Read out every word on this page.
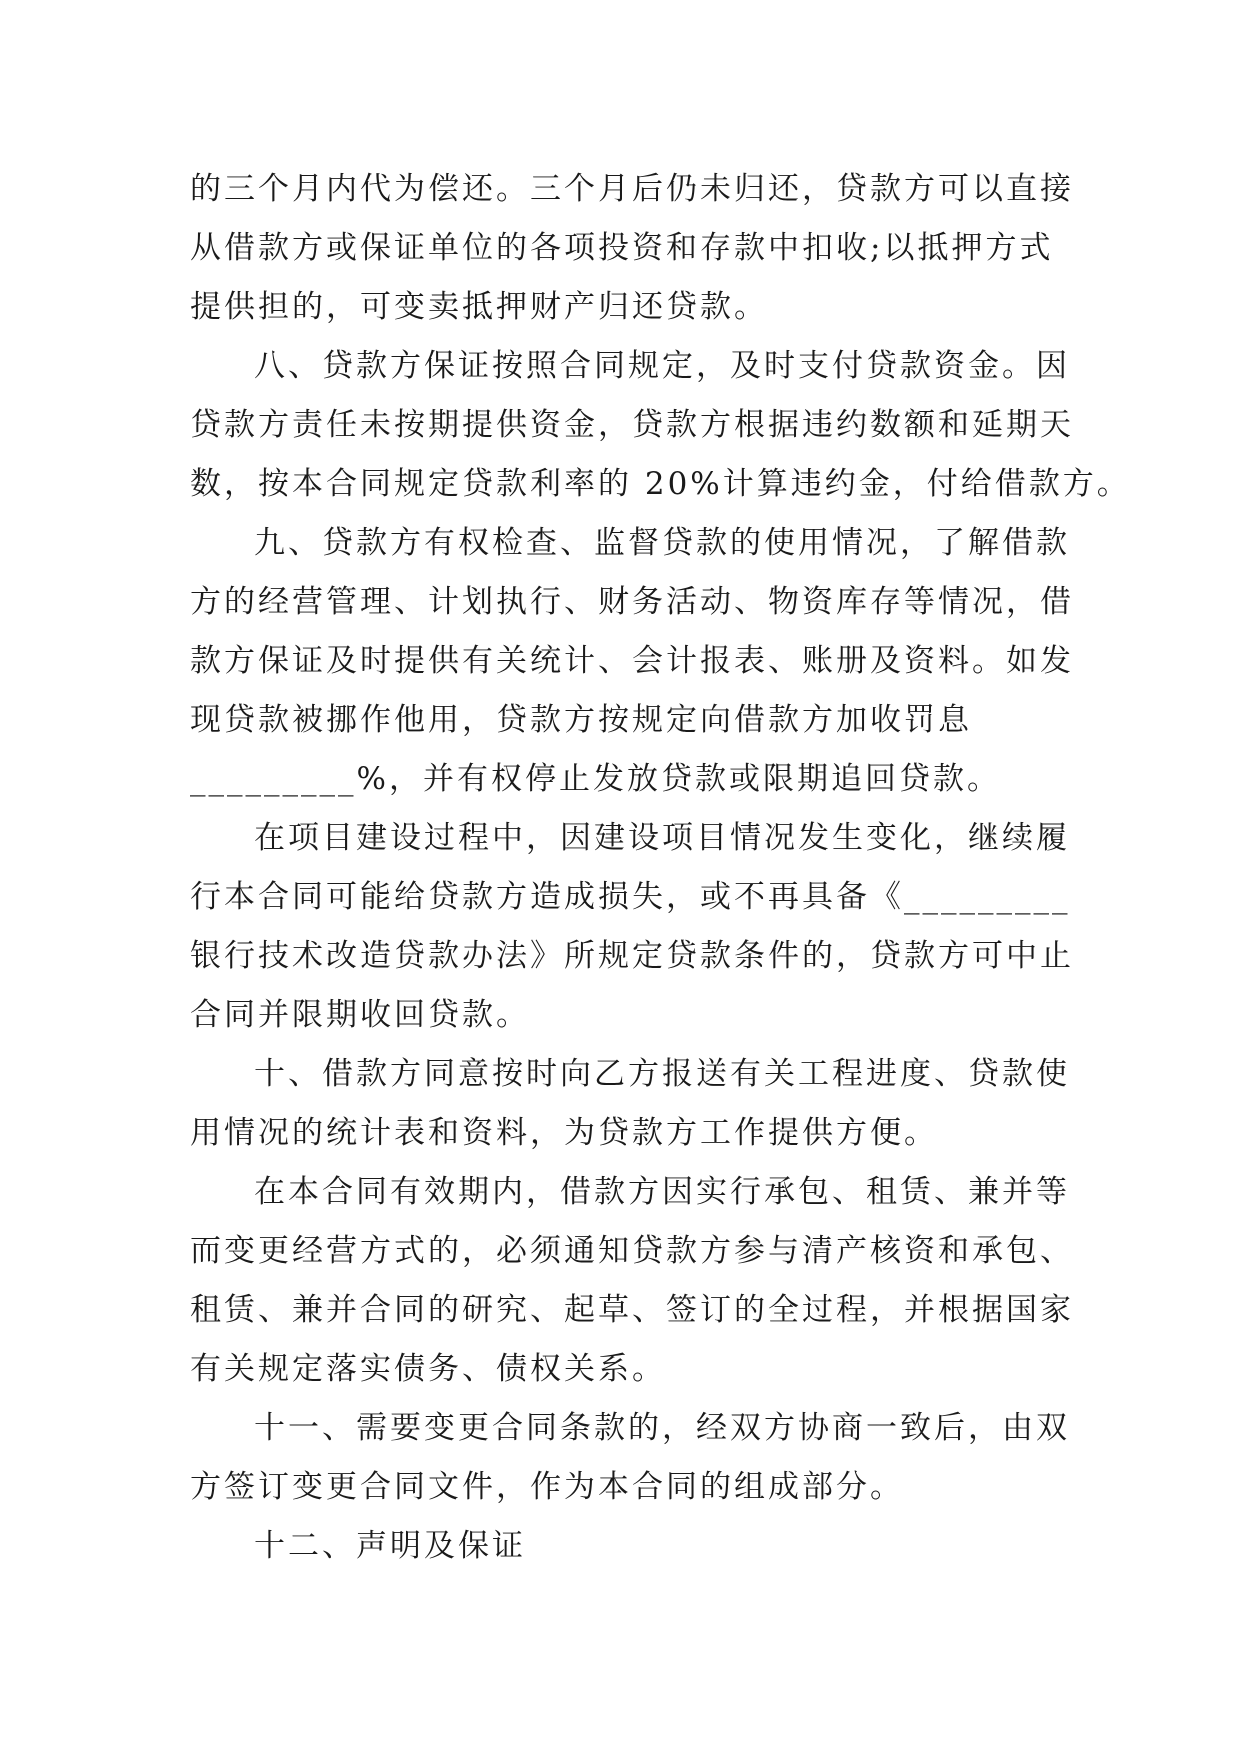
的三个月内代为偿还。三个月后仍未归还，贷款方可以直接
从借款方或保证单位的各项投资和存款中扣收;以抵押方式
提供担的，可变卖抵押财产归还贷款。

八、贷款方保证按照合同规定，及时支付贷款资金。因
贷款方责任未按期提供资金，贷款方根据违约数额和延期天
数，按本合同规定贷款利率的 20%计算违约金，付给借款方。

九、贷款方有权检查、监督贷款的使用情况，了解借款
方的经营管理、计划执行、财务活动、物资库存等情况，借
款方保证及时提供有关统计、会计报表、账册及资料。如发
现贷款被挪作他用，贷款方按规定向借款方加收罚息
_________%，并有权停止发放贷款或限期追回贷款。

在项目建设过程中，因建设项目情况发生变化，继续履
行本合同可能给贷款方造成损失，或不再具备《_________
银行技术改造贷款办法》所规定贷款条件的，贷款方可中止
合同并限期收回贷款。

十、借款方同意按时向乙方报送有关工程进度、贷款使
用情况的统计表和资料，为贷款方工作提供方便。

在本合同有效期内，借款方因实行承包、租赁、兼并等
而变更经营方式的，必须通知贷款方参与清产核资和承包、
租赁、兼并合同的研究、起草、签订的全过程，并根据国家
有关规定落实债务、债权关系。

十一、需要变更合同条款的，经双方协商一致后，由双
方签订变更合同文件，作为本合同的组成部分。

十二、声明及保证
